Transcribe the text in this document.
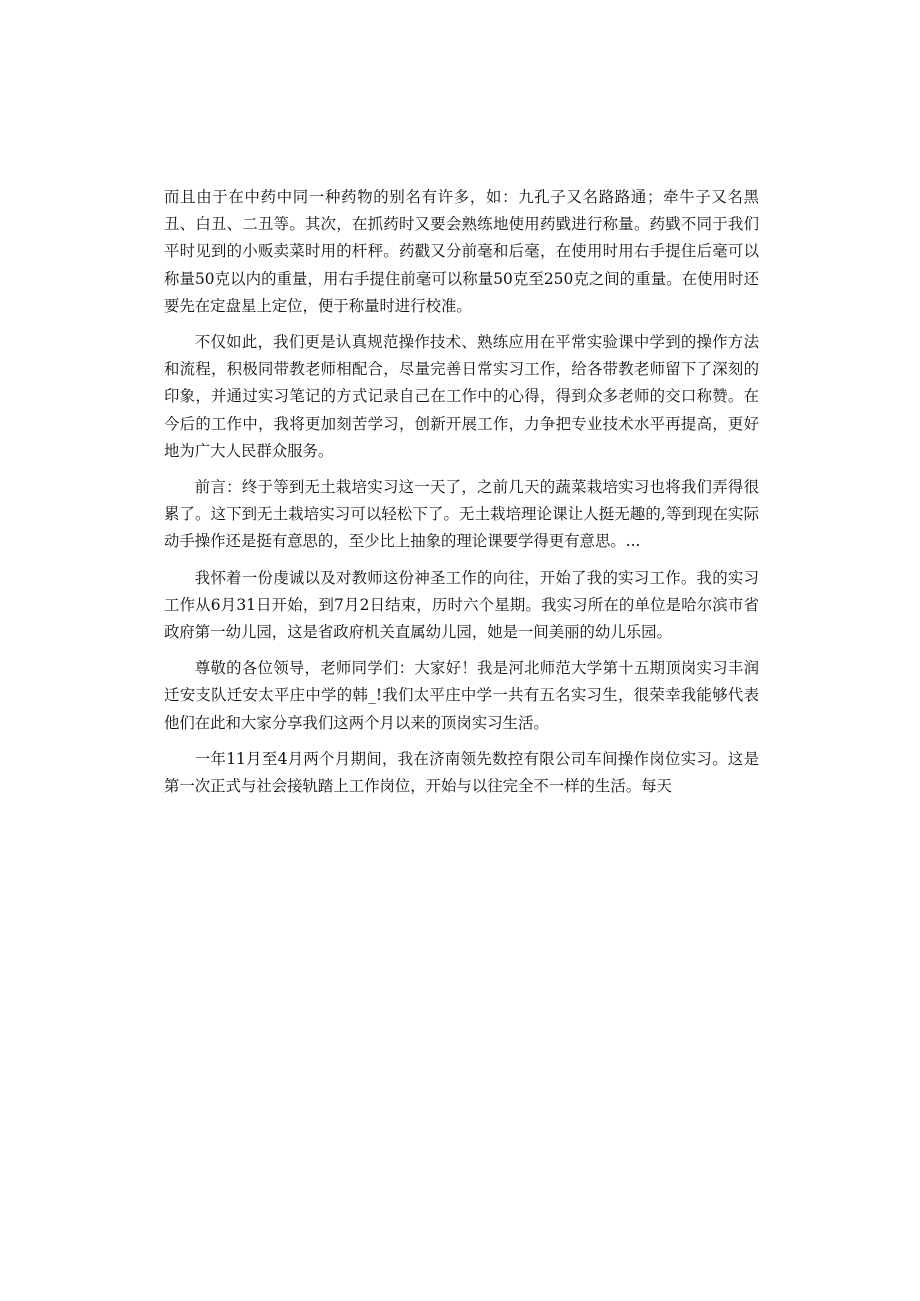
而且由于在中药中同一种药物的别名有许多，如：九孔子又名路路通；牵牛子又名黑丑、白丑、二丑等。其次，在抓药时又要会熟练地使用药戥进行称量。药戥不同于我们平时见到的小贩卖菜时用的杆秤。药戳又分前毫和后毫，在使用时用右手提住后毫可以称量50克以内的重量，用右手提住前毫可以称量50克至250克之间的重量。在使用时还要先在定盘星上定位，便于称量时进行校准。

不仅如此，我们更是认真规范操作技术、熟练应用在平常实验课中学到的操作方法和流程，积极同带教老师相配合，尽量完善日常实习工作，给各带教老师留下了深刻的印象，并通过实习笔记的方式记录自己在工作中的心得，得到众多老师的交口称赞。在今后的工作中，我将更加刻苦学习，创新开展工作，力争把专业技术水平再提高，更好地为广大人民群众服务。

前言：终于等到无土栽培实习这一天了，之前几天的蔬菜栽培实习也将我们弄得很累了。这下到无土栽培实习可以轻松下了。无土栽培理论课让人挺无趣的,等到现在实际动手操作还是挺有意思的，至少比上抽象的理论课要学得更有意思。...

我怀着一份虔诚以及对教师这份神圣工作的向往，开始了我的实习工作。我的实习工作从6月31日开始，到7月2日结束，历时六个星期。我实习所在的单位是哈尔滨市省政府第一幼儿园，这是省政府机关直属幼儿园，她是一间美丽的幼儿乐园。

尊敬的各位领导，老师同学们：大家好！我是河北师范大学第十五期顶岗实习丰润迁安支队迁安太平庄中学的韩_!我们太平庄中学一共有五名实习生，很荣幸我能够代表他们在此和大家分享我们这两个月以来的顶岗实习生活。

一年11月至4月两个月期间，我在济南领先数控有限公司车间操作岗位实习。这是第一次正式与社会接轨踏上工作岗位，开始与以往完全不一样的生活。每天
